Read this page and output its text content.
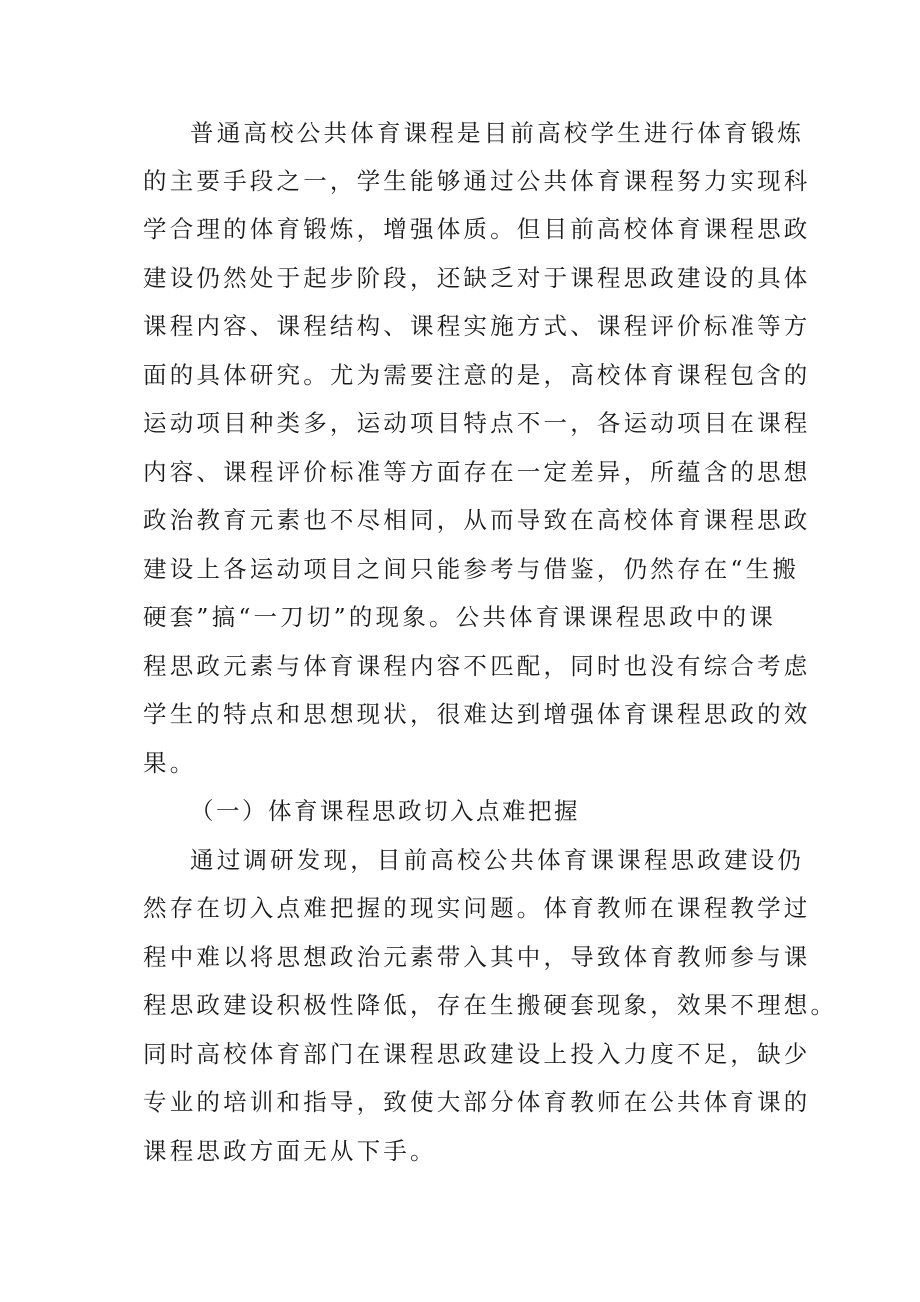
普通高校公共体育课程是目前高校学生进行体育锻炼
的主要手段之一，学生能够通过公共体育课程努力实现科
学合理的体育锻炼，增强体质。但目前高校体育课程思政
建设仍然处于起步阶段，还缺乏对于课程思政建设的具体
课程内容、课程结构、课程实施方式、课程评价标准等方
面的具体研究。尤为需要注意的是，高校体育课程包含的
运动项目种类多，运动项目特点不一，各运动项目在课程
内容、课程评价标准等方面存在一定差异，所蕴含的思想
政治教育元素也不尽相同，从而导致在高校体育课程思政
建设上各运动项目之间只能参考与借鉴，仍然存在“生搬
硬套”搞“一刀切”的现象。公共体育课课程思政中的课
程思政元素与体育课程内容不匹配，同时也没有综合考虑
学生的特点和思想现状，很难达到增强体育课程思政的效
果。
（一）体育课程思政切入点难把握
通过调研发现，目前高校公共体育课课程思政建设仍
然存在切入点难把握的现实问题。体育教师在课程教学过
程中难以将思想政治元素带入其中，导致体育教师参与课
程思政建设积极性降低，存在生搬硬套现象，效果不理想。
同时高校体育部门在课程思政建设上投入力度不足，缺少
专业的培训和指导，致使大部分体育教师在公共体育课的
课程思政方面无从下手。
